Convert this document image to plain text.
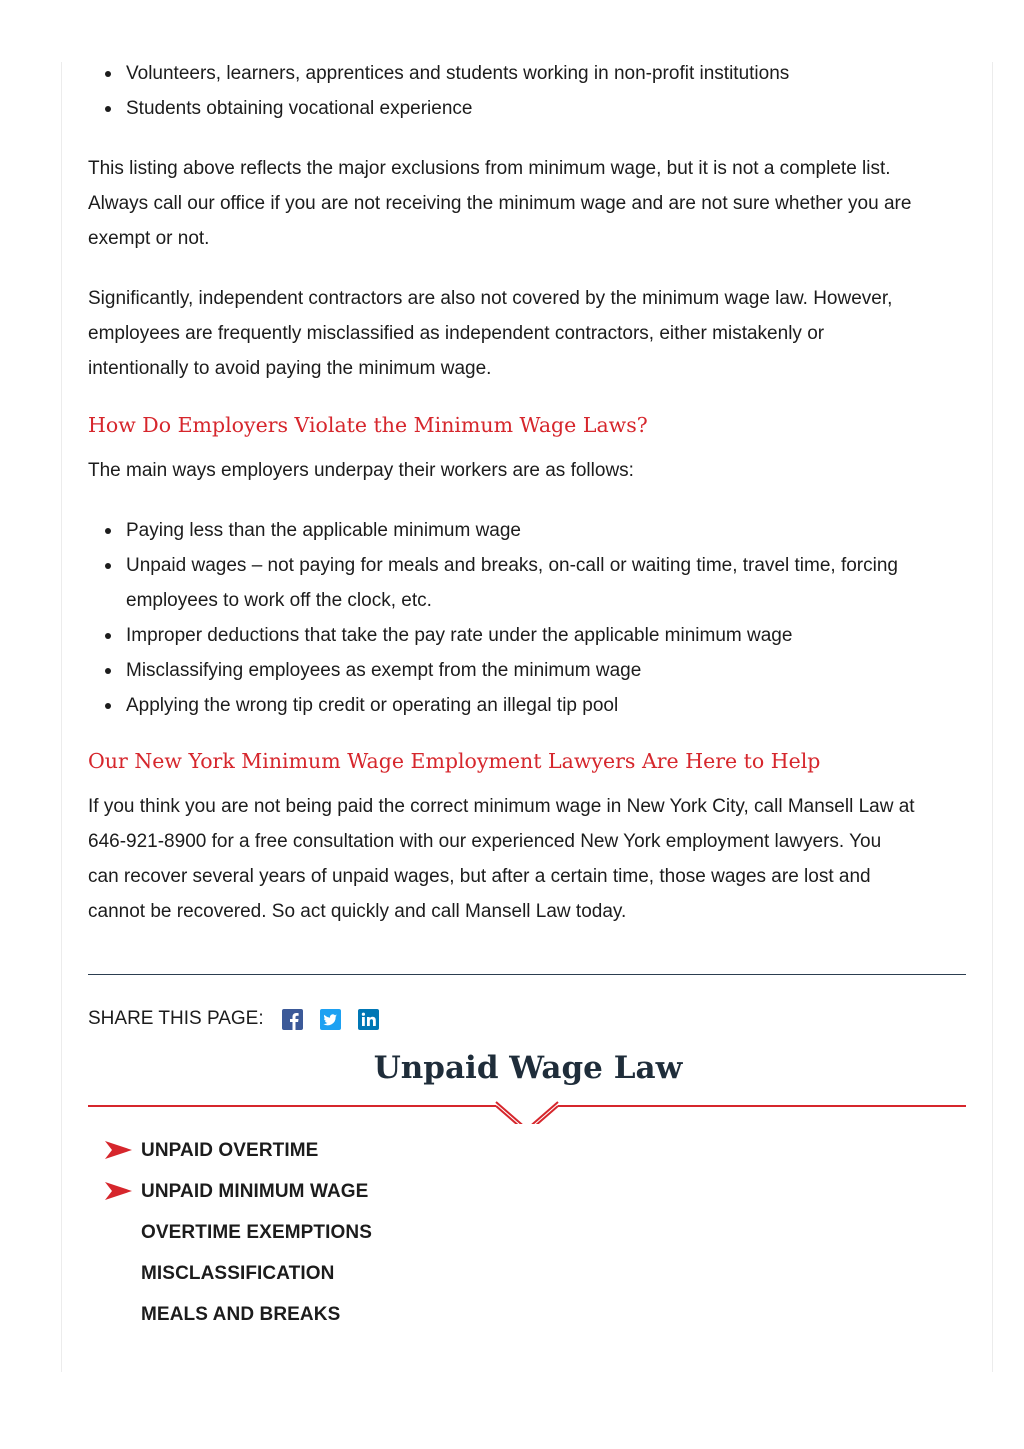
Volunteers, learners, apprentices and students working in non-profit institutions
Students obtaining vocational experience

This listing above reflects the major exclusions from minimum wage, but it is not a complete list.
Always call our office if you are not receiving the minimum wage and are not sure whether you are
exempt or not.

Significantly, independent contractors are also not covered by the minimum wage law. However,
employees are frequently misclassified as independent contractors, either mistakenly or
intentionally to avoid paying the minimum wage.

How Do Employers Violate the Minimum Wage Laws?

The main ways employers underpay their workers are as follows:

Paying less than the applicable minimum wage
Unpaid wages – not paying for meals and breaks, on-call or waiting time, travel time, forcing
employees to work off the clock, etc.
Improper deductions that take the pay rate under the applicable minimum wage
Misclassifying employees as exempt from the minimum wage
Applying the wrong tip credit or operating an illegal tip pool
Our New York Minimum Wage Employment Lawyers Are Here to Help

If you think you are not being paid the correct minimum wage in New York City, call Mansell Law at
646-921-8900 for a free consultation with our experienced New York employment lawyers. You
can recover several years of unpaid wages, but after a certain time, those wages are lost and
cannot be recovered. So act quickly and call Mansell Law today.

SHARE THIS PAGE:
Unpaid Wage Law
UNPAID OVERTIME
UNPAID MINIMUM WAGE
OVERTIME EXEMPTIONS
MISCLASSIFICATION
MEALS AND BREAKS
